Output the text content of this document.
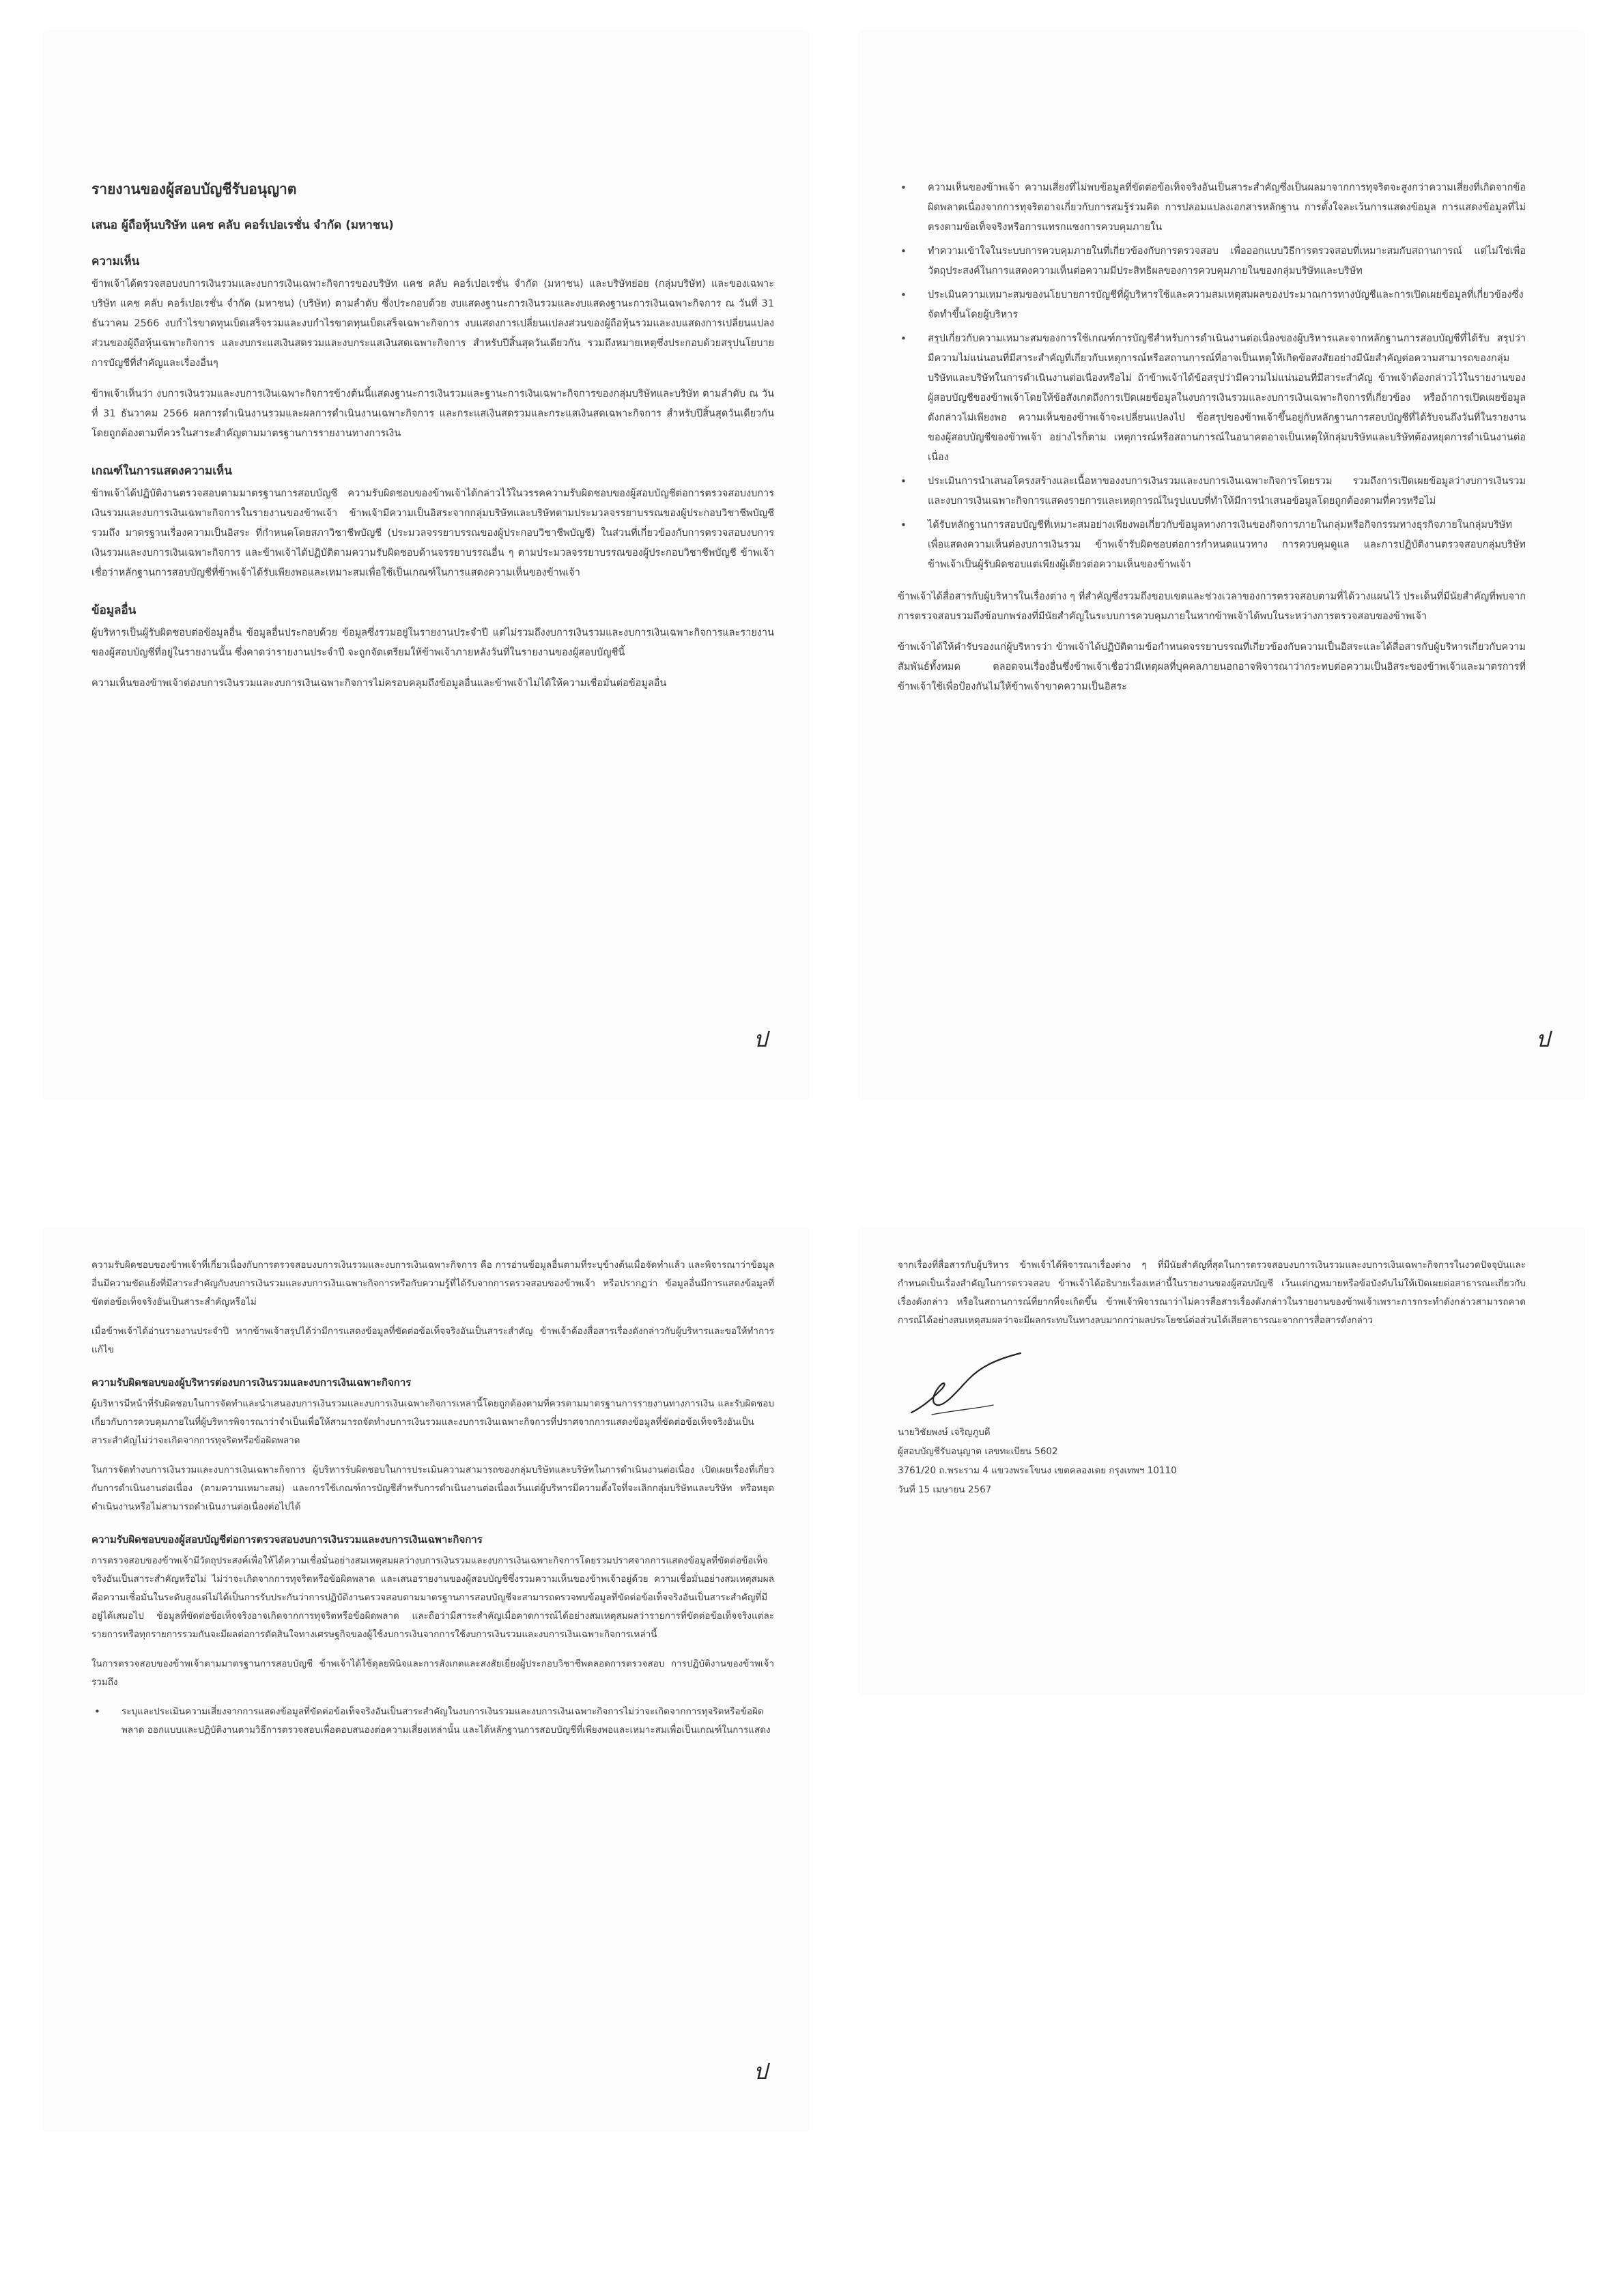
รายงานของผู้สอบบัญชีรับอนุญาต
เสนอ ผู้ถือหุ้นบริษัท แคช คลับ คอร์เปอเรชั่น จำกัด (มหาชน)
ความเห็น

ข้าพเจ้าได้ตรวจสอบงบการเงินรวมและงบการเงินเฉพาะกิจการของบริษัท แคช คลับ คอร์เปอเรชั่น จำกัด (มหาชน) และบริษัทย่อย (กลุ่มบริษัท) และของเฉพาะบริษัท แคช คลับ คอร์เปอเรชั่น จำกัด (มหาชน) (บริษัท) ตามลำดับ ซึ่งประกอบด้วย งบแสดงฐานะการเงินรวมและงบแสดงฐานะการเงินเฉพาะกิจการ ณ วันที่ 31 ธันวาคม 2566 งบกำไรขาดทุนเบ็ดเสร็จรวมและงบกำไรขาดทุนเบ็ดเสร็จเฉพาะกิจการ งบแสดงการเปลี่ยนแปลงส่วนของผู้ถือหุ้นรวมและงบแสดงการเปลี่ยนแปลงส่วนของผู้ถือหุ้นเฉพาะกิจการ และงบกระแสเงินสดรวมและงบกระแสเงินสดเฉพาะกิจการ สำหรับปีสิ้นสุดวันเดียวกัน รวมถึงหมายเหตุซึ่งประกอบด้วยสรุปนโยบายการบัญชีที่สำคัญและเรื่องอื่นๆ

ข้าพเจ้าเห็นว่า งบการเงินรวมและงบการเงินเฉพาะกิจการข้างต้นนี้แสดงฐานะการเงินรวมและฐานะการเงินเฉพาะกิจการของกลุ่มบริษัทและบริษัท ตามลำดับ ณ วันที่ 31 ธันวาคม 2566 ผลการดำเนินงานรวมและผลการดำเนินงานเฉพาะกิจการ และกระแสเงินสดรวมและกระแสเงินสดเฉพาะกิจการ สำหรับปีสิ้นสุดวันเดียวกันโดยถูกต้องตามที่ควรในสาระสำคัญตามมาตรฐานการรายงานทางการเงิน

เกณฑ์ในการแสดงความเห็น

ข้าพเจ้าได้ปฏิบัติงานตรวจสอบตามมาตรฐานการสอบบัญชี ความรับผิดชอบของข้าพเจ้าได้กล่าวไว้ในวรรคความรับผิดชอบของผู้สอบบัญชีต่อการตรวจสอบงบการเงินรวมและงบการเงินเฉพาะกิจการในรายงานของข้าพเจ้า ข้าพเจ้ามีความเป็นอิสระจากกลุ่มบริษัทและบริษัทตามประมวลจรรยาบรรณของผู้ประกอบวิชาชีพบัญชี รวมถึง มาตรฐานเรื่องความเป็นอิสระ ที่กำหนดโดยสภาวิชาชีพบัญชี (ประมวลจรรยาบรรณของผู้ประกอบวิชาชีพบัญชี) ในส่วนที่เกี่ยวข้องกับการตรวจสอบงบการเงินรวมและงบการเงินเฉพาะกิจการ และข้าพเจ้าได้ปฏิบัติตามความรับผิดชอบด้านจรรยาบรรณอื่น ๆ ตามประมวลจรรยาบรรณของผู้ประกอบวิชาชีพบัญชี ข้าพเจ้าเชื่อว่าหลักฐานการสอบบัญชีที่ข้าพเจ้าได้รับเพียงพอและเหมาะสมเพื่อใช้เป็นเกณฑ์ในการแสดงความเห็นของข้าพเจ้า

ข้อมูลอื่น

ผู้บริหารเป็นผู้รับผิดชอบต่อข้อมูลอื่น ข้อมูลอื่นประกอบด้วย ข้อมูลซึ่งรวมอยู่ในรายงานประจำปี แต่ไม่รวมถึงงบการเงินรวมและงบการเงินเฉพาะกิจการและรายงานของผู้สอบบัญชีที่อยู่ในรายงานนั้น ซึ่งคาดว่ารายงานประจำปี จะถูกจัดเตรียมให้ข้าพเจ้าภายหลังวันที่ในรายงานของผู้สอบบัญชีนี้

ความเห็นของข้าพเจ้าต่องบการเงินรวมและงบการเงินเฉพาะกิจการไม่ครอบคลุมถึงข้อมูลอื่นและข้าพเจ้าไม่ได้ให้ความเชื่อมั่นต่อข้อมูลอื่น

ป
• ความเห็นของข้าพเจ้า ความเสี่ยงที่ไม่พบข้อมูลที่ขัดต่อข้อเท็จจริงอันเป็นสาระสำคัญซึ่งเป็นผลมาจากการทุจริตจะสูงกว่าความเสี่ยงที่เกิดจากข้อผิดพลาดเนื่องจากการทุจริตอาจเกี่ยวกับการสมรู้ร่วมคิด การปลอมแปลงเอกสารหลักฐาน การตั้งใจละเว้นการแสดงข้อมูล การแสดงข้อมูลที่ไม่ตรงตามข้อเท็จจริงหรือการแทรกแซงการควบคุมภายใน
• ทำความเข้าใจในระบบการควบคุมภายในที่เกี่ยวข้องกับการตรวจสอบ เพื่อออกแบบวิธีการตรวจสอบที่เหมาะสมกับสถานการณ์ แต่ไม่ใช่เพื่อวัตถุประสงค์ในการแสดงความเห็นต่อความมีประสิทธิผลของการควบคุมภายในของกลุ่มบริษัทและบริษัท
• ประเมินความเหมาะสมของนโยบายการบัญชีที่ผู้บริหารใช้และความสมเหตุสมผลของประมาณการทางบัญชีและการเปิดเผยข้อมูลที่เกี่ยวข้องซึ่งจัดทำขึ้นโดยผู้บริหาร
• สรุปเกี่ยวกับความเหมาะสมของการใช้เกณฑ์การบัญชีสำหรับการดำเนินงานต่อเนื่องของผู้บริหารและจากหลักฐานการสอบบัญชีที่ได้รับ สรุปว่ามีความไม่แน่นอนที่มีสาระสำคัญที่เกี่ยวกับเหตุการณ์หรือสถานการณ์ที่อาจเป็นเหตุให้เกิดข้อสงสัยอย่างมีนัยสำคัญต่อความสามารถของกลุ่มบริษัทและบริษัทในการดำเนินงานต่อเนื่องหรือไม่ ถ้าข้าพเจ้าได้ข้อสรุปว่ามีความไม่แน่นอนที่มีสาระสำคัญ ข้าพเจ้าต้องกล่าวไว้ในรายงานของผู้สอบบัญชีของข้าพเจ้าโดยให้ข้อสังเกตถึงการเปิดเผยข้อมูลในงบการเงินรวมและงบการเงินเฉพาะกิจการที่เกี่ยวข้อง หรือถ้าการเปิดเผยข้อมูลดังกล่าวไม่เพียงพอ ความเห็นของข้าพเจ้าจะเปลี่ยนแปลงไป ข้อสรุปของข้าพเจ้าขึ้นอยู่กับหลักฐานการสอบบัญชีที่ได้รับจนถึงวันที่ในรายงานของผู้สอบบัญชีของข้าพเจ้า อย่างไรก็ตาม เหตุการณ์หรือสถานการณ์ในอนาคตอาจเป็นเหตุให้กลุ่มบริษัทและบริษัทต้องหยุดการดำเนินงานต่อเนื่อง
• ประเมินการนำเสนอโครงสร้างและเนื้อหาของงบการเงินรวมและงบการเงินเฉพาะกิจการโดยรวม รวมถึงการเปิดเผยข้อมูลว่างบการเงินรวมและงบการเงินเฉพาะกิจการแสดงรายการและเหตุการณ์ในรูปแบบที่ทำให้มีการนำเสนอข้อมูลโดยถูกต้องตามที่ควรหรือไม่
• ได้รับหลักฐานการสอบบัญชีที่เหมาะสมอย่างเพียงพอเกี่ยวกับข้อมูลทางการเงินของกิจการภายในกลุ่มหรือกิจกรรมทางธุรกิจภายในกลุ่มบริษัทเพื่อแสดงความเห็นต่องบการเงินรวม ข้าพเจ้ารับผิดชอบต่อการกำหนดแนวทาง การควบคุมดูแล และการปฏิบัติงานตรวจสอบกลุ่มบริษัท ข้าพเจ้าเป็นผู้รับผิดชอบแต่เพียงผู้เดียวต่อความเห็นของข้าพเจ้า

ข้าพเจ้าได้สื่อสารกับผู้บริหารในเรื่องต่าง ๆ ที่สำคัญซึ่งรวมถึงขอบเขตและช่วงเวลาของการตรวจสอบตามที่ได้วางแผนไว้ ประเด็นที่มีนัยสำคัญที่พบจากการตรวจสอบรวมถึงข้อบกพร่องที่มีนัยสำคัญในระบบการควบคุมภายในหากข้าพเจ้าได้พบในระหว่างการตรวจสอบของข้าพเจ้า

ข้าพเจ้าได้ให้คำรับรองแก่ผู้บริหารว่า ข้าพเจ้าได้ปฏิบัติตามข้อกำหนดจรรยาบรรณที่เกี่ยวข้องกับความเป็นอิสระและได้สื่อสารกับผู้บริหารเกี่ยวกับความสัมพันธ์ทั้งหมด ตลอดจนเรื่องอื่นซึ่งข้าพเจ้าเชื่อว่ามีเหตุผลที่บุคคลภายนอกอาจพิจารณาว่ากระทบต่อความเป็นอิสระของข้าพเจ้าและมาตรการที่ข้าพเจ้าใช้เพื่อป้องกันไม่ให้ข้าพเจ้าขาดความเป็นอิสระ

ป

ความรับผิดชอบของข้าพเจ้าที่เกี่ยวเนื่องกับการตรวจสอบงบการเงินรวมและงบการเงินเฉพาะกิจการ คือ การอ่านข้อมูลอื่นตามที่ระบุข้างต้นเมื่อจัดทำแล้ว และพิจารณาว่าข้อมูลอื่นมีความขัดแย้งที่มีสาระสำคัญกับงบการเงินรวมและงบการเงินเฉพาะกิจการหรือกับความรู้ที่ได้รับจากการตรวจสอบของข้าพเจ้า หรือปรากฏว่า ข้อมูลอื่นมีการแสดงข้อมูลที่ขัดต่อข้อเท็จจริงอันเป็นสาระสำคัญหรือไม่

เมื่อข้าพเจ้าได้อ่านรายงานประจำปี หากข้าพเจ้าสรุปได้ว่ามีการแสดงข้อมูลที่ขัดต่อข้อเท็จจริงอันเป็นสาระสำคัญ ข้าพเจ้าต้องสื่อสารเรื่องดังกล่าวกับผู้บริหารและขอให้ทำการแก้ไข

ความรับผิดชอบของผู้บริหารต่องบการเงินรวมและงบการเงินเฉพาะกิจการ

ผู้บริหารมีหน้าที่รับผิดชอบในการจัดทำและนำเสนองบการเงินรวมและงบการเงินเฉพาะกิจการเหล่านี้โดยถูกต้องตามที่ควรตามมาตรฐานการรายงานทางการเงิน และรับผิดชอบเกี่ยวกับการควบคุมภายในที่ผู้บริหารพิจารณาว่าจำเป็นเพื่อให้สามารถจัดทำงบการเงินรวมและงบการเงินเฉพาะกิจการที่ปราศจากการแสดงข้อมูลที่ขัดต่อข้อเท็จจริงอันเป็นสาระสำคัญไม่ว่าจะเกิดจากการทุจริตหรือข้อผิดพลาด

ในการจัดทำงบการเงินรวมและงบการเงินเฉพาะกิจการ ผู้บริหารรับผิดชอบในการประเมินความสามารถของกลุ่มบริษัทและบริษัทในการดำเนินงานต่อเนื่อง เปิดเผยเรื่องที่เกี่ยวกับการดำเนินงานต่อเนื่อง (ตามความเหมาะสม) และการใช้เกณฑ์การบัญชีสำหรับการดำเนินงานต่อเนื่องเว้นแต่ผู้บริหารมีความตั้งใจที่จะเลิกกลุ่มบริษัทและบริษัท หรือหยุดดำเนินงานหรือไม่สามารถดำเนินงานต่อเนื่องต่อไปได้

ความรับผิดชอบของผู้สอบบัญชีต่อการตรวจสอบงบการเงินรวมและงบการเงินเฉพาะกิจการ

การตรวจสอบของข้าพเจ้ามีวัตถุประสงค์เพื่อให้ได้ความเชื่อมั่นอย่างสมเหตุสมผลว่างบการเงินรวมและงบการเงินเฉพาะกิจการโดยรวมปราศจากการแสดงข้อมูลที่ขัดต่อข้อเท็จจริงอันเป็นสาระสำคัญหรือไม่ ไม่ว่าจะเกิดจากการทุจริตหรือข้อผิดพลาด และเสนอรายงานของผู้สอบบัญชีซึ่งรวมความเห็นของข้าพเจ้าอยู่ด้วย ความเชื่อมั่นอย่างสมเหตุสมผลคือความเชื่อมั่นในระดับสูงแต่ไม่ได้เป็นการรับประกันว่าการปฏิบัติงานตรวจสอบตามมาตรฐานการสอบบัญชีจะสามารถตรวจพบข้อมูลที่ขัดต่อข้อเท็จจริงอันเป็นสาระสำคัญที่มีอยู่ได้เสมอไป ข้อมูลที่ขัดต่อข้อเท็จจริงอาจเกิดจากการทุจริตหรือข้อผิดพลาด และถือว่ามีสาระสำคัญเมื่อคาดการณ์ได้อย่างสมเหตุสมผลว่ารายการที่ขัดต่อข้อเท็จจริงแต่ละรายการหรือทุกรายการรวมกันจะมีผลต่อการตัดสินใจทางเศรษฐกิจของผู้ใช้งบการเงินจากการใช้งบการเงินรวมและงบการเงินเฉพาะกิจการเหล่านี้

ในการตรวจสอบของข้าพเจ้าตามมาตรฐานการสอบบัญชี ข้าพเจ้าได้ใช้ดุลยพินิจและการสังเกตและสงสัยเยี่ยงผู้ประกอบวิชาชีพตลอดการตรวจสอบ การปฏิบัติงานของข้าพเจ้ารวมถึง

• ระบุและประเมินความเสี่ยงจากการแสดงข้อมูลที่ขัดต่อข้อเท็จจริงอันเป็นสาระสำคัญในงบการเงินรวมและงบการเงินเฉพาะกิจการไม่ว่าจะเกิดจากการทุจริตหรือข้อผิดพลาด ออกแบบและปฏิบัติงานตามวิธีการตรวจสอบเพื่อตอบสนองต่อความเสี่ยงเหล่านั้น และได้หลักฐานการสอบบัญชีที่เพียงพอและเหมาะสมเพื่อเป็นเกณฑ์ในการแสดง
ป

จากเรื่องที่สื่อสารกับผู้บริหาร ข้าพเจ้าได้พิจารณาเรื่องต่าง ๆ ที่มีนัยสำคัญที่สุดในการตรวจสอบงบการเงินรวมและงบการเงินเฉพาะกิจการในงวดปัจจุบันและกำหนดเป็นเรื่องสำคัญในการตรวจสอบ ข้าพเจ้าได้อธิบายเรื่องเหล่านี้ในรายงานของผู้สอบบัญชี เว้นแต่กฎหมายหรือข้อบังคับไม่ให้เปิดเผยต่อสาธารณะเกี่ยวกับเรื่องดังกล่าว หรือในสถานการณ์ที่ยากที่จะเกิดขึ้น ข้าพเจ้าพิจารณาว่าไม่ควรสื่อสารเรื่องดังกล่าวในรายงานของข้าพเจ้าเพราะการกระทำดังกล่าวสามารถคาดการณ์ได้อย่างสมเหตุสมผลว่าจะมีผลกระทบในทางลบมากกว่าผลประโยชน์ต่อส่วนได้เสียสาธารณะจากการสื่อสารดังกล่าว

นายวิชัยพงษ์ เจริญภูบดี
ผู้สอบบัญชีรับอนุญาต เลขทะเบียน 5602
3761/20 ถ.พระราม 4 แขวงพระโขนง เขตคลองเตย กรุงเทพฯ 10110
วันที่ 15 เมษายน 2567
